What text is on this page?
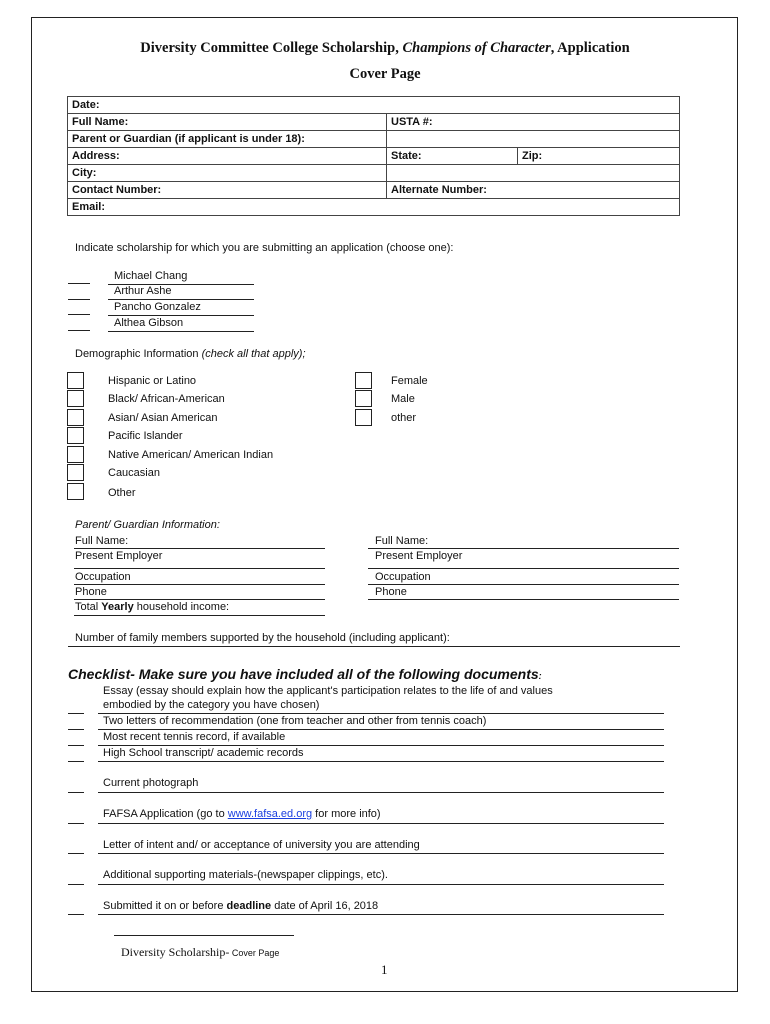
Diversity Committee College Scholarship, Champions of Character, Application
Cover Page
Date:		
Full Name:	USTA #:	
Parent or Guardian (if applicant is under 18):		
Address:	State:	Zip:
City:		
Contact Number:	Alternate Number:	
Email:		
Indicate scholarship for which you are submitting an application (choose one):
Michael Chang
Arthur Ashe
Pancho Gonzalez
Althea Gibson
Demographic Information (check all that apply);
Hispanic or Latino
Black/ African-American
Asian/ Asian American
Pacific Islander
Native American/ American Indian
Caucasian
Other
Female
Male
other
Parent/ Guardian Information:
Full Name:
Present Employer
Occupation
Phone
Total Yearly household income:
Full Name:
Present Employer
Occupation
Phone
Number of family members supported by the household (including applicant):
Checklist- Make sure you have included all of the following documents:
Essay (essay should explain how the applicant's participation relates to the life of and values
embodied by the category you have chosen)
Two letters of recommendation (one from teacher and other from tennis coach)
Most recent tennis record, if available
High School transcript/ academic records
Current photograph
FAFSA Application (go to www.fafsa.ed.org for more info)
Letter of intent and/ or acceptance of university you are attending
Additional supporting materials-(newspaper clippings, etc).
Submitted it on or before deadline date of April 16, 2018
Diversity Scholarship- Cover Page
1
